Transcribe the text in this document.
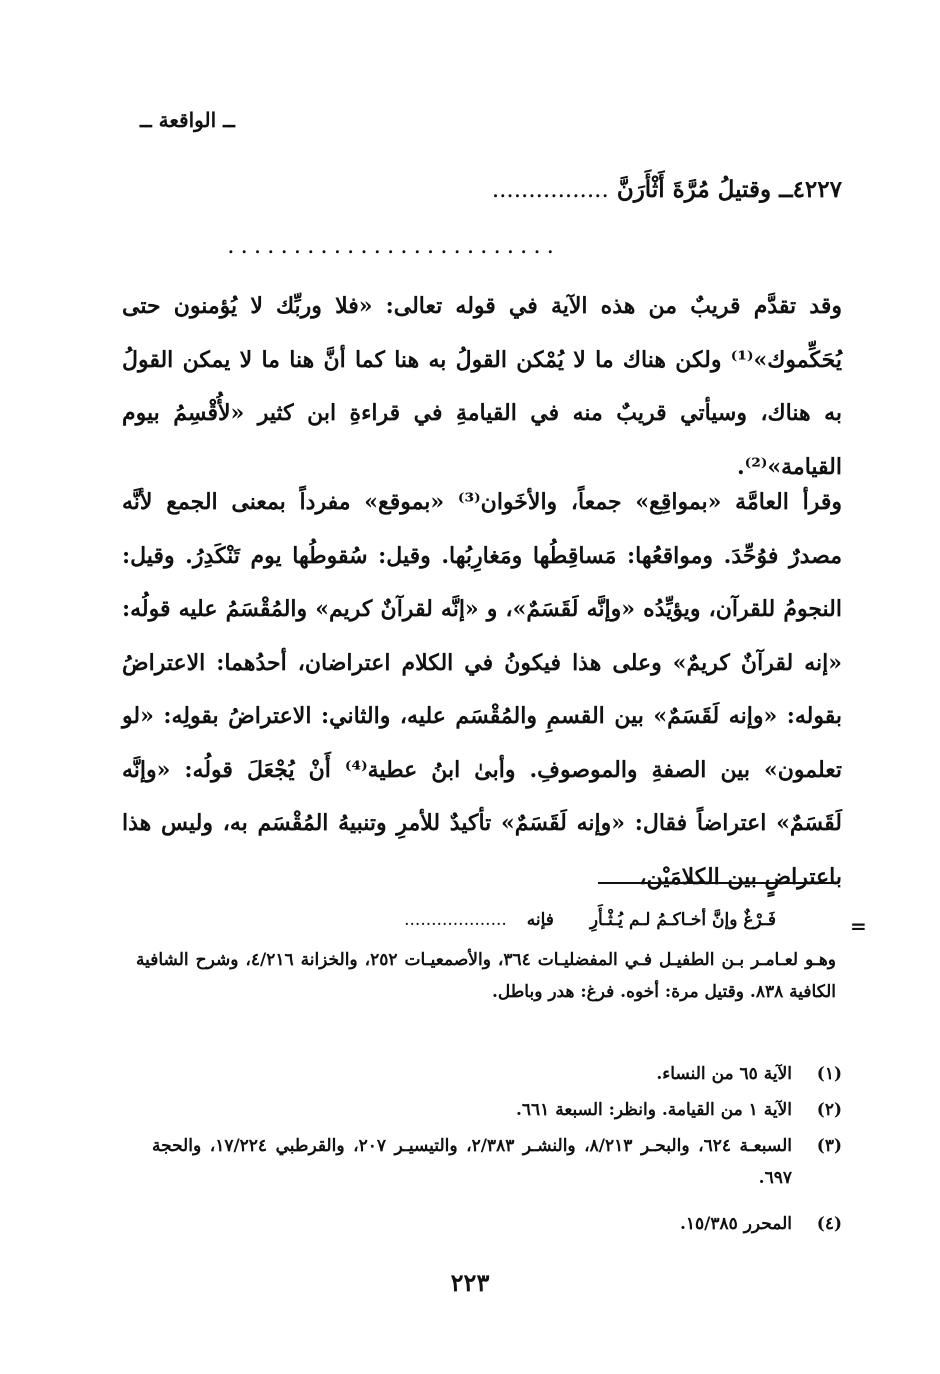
ــ الواقعة ــ
٤٢٢٧ــ وقتيلُ مُرَّةَ أَثْأَرَنَّ ................
.........................

وقد تقدَّم قريبٌ من هذه الآية في قوله تعالى: «فلا وربِّك لا يُؤمنون حتى يُحَكِّموك»⁽¹⁾ ولكن هناك ما لا يُمْكن القولُ به هنا كما أنَّ هنا ما لا يمكن القولُ به هناك، وسيأتي قريبٌ منه في القيامةِ في قراءةِ ابن كثير «لأُقْسِمُ بيوم القيامة»⁽²⁾.

وقرأ العامَّة «بمواقِع» جمعاً، والأخَوان⁽³⁾ «بموقع» مفرداً بمعنى الجمع لأنَّه مصدرٌ فوُحِّدَ. ومواقعُها: مَساقِطُها ومَغارِبُها. وقيل: سُقوطُها يوم تَنْكَدِرُ. وقيل: النجومُ للقرآن، ويؤيِّدُه «وإنَّه لَقَسَمٌ»، و «إنَّه لقرآنٌ كريم» والمُقْسَمُ عليه قولُه: «إنه لقرآنٌ كريمٌ» وعلى هذا فيكونُ في الكلام اعتراضان، أحدُهما: الاعتراضُ بقوله: «وإنه لَقَسَمٌ» بين القسمِ والمُقْسَم عليه، والثاني: الاعتراضُ بقولِه: «لو تعلمون» بين الصفةِ والموصوفِ. وأبىٰ ابنُ عطية⁽⁴⁾ أَنْ يُجْعَلَ قولُه: «وإنَّه لَقَسَمٌ» اعتراضاً فقال: «وإنه لَقَسَمٌ» تأكيدٌ للأمرِ وتنبيهُ المُقْسَم به، وليس هذا باعتراضٍ بين الكلامَيْن،

=
فَـرْغٌ وإنَّ أخـاكـمُ لـم يُـثْـأَرِ فإنه ...................

وهـو لعـامـر بـن الطفيـل فـي المفضليـات ٣٦٤، والأصمعيـات ٢٥٢، والخزانة ٤/٢١٦، وشرح الشافية الكافية ٨٣٨. وقتيل مرة: أخوه. فرغ: هدر وباطل.

(١)
الآية ٦٥ من النساء.
(٢)
الآية ١ من القيامة. وانظر: السبعة ٦٦١.
(٣)
السبعـة ٦٢٤، والبحـر ٨/٢١٣، والنشـر ٢/٣٨٣، والتيسيـر ٢٠٧، والقرطبي ١٧/٢٢٤، والحجة ٦٩٧.
(٤)
المحرر ١٥/٣٨٥.
٢٢٣
